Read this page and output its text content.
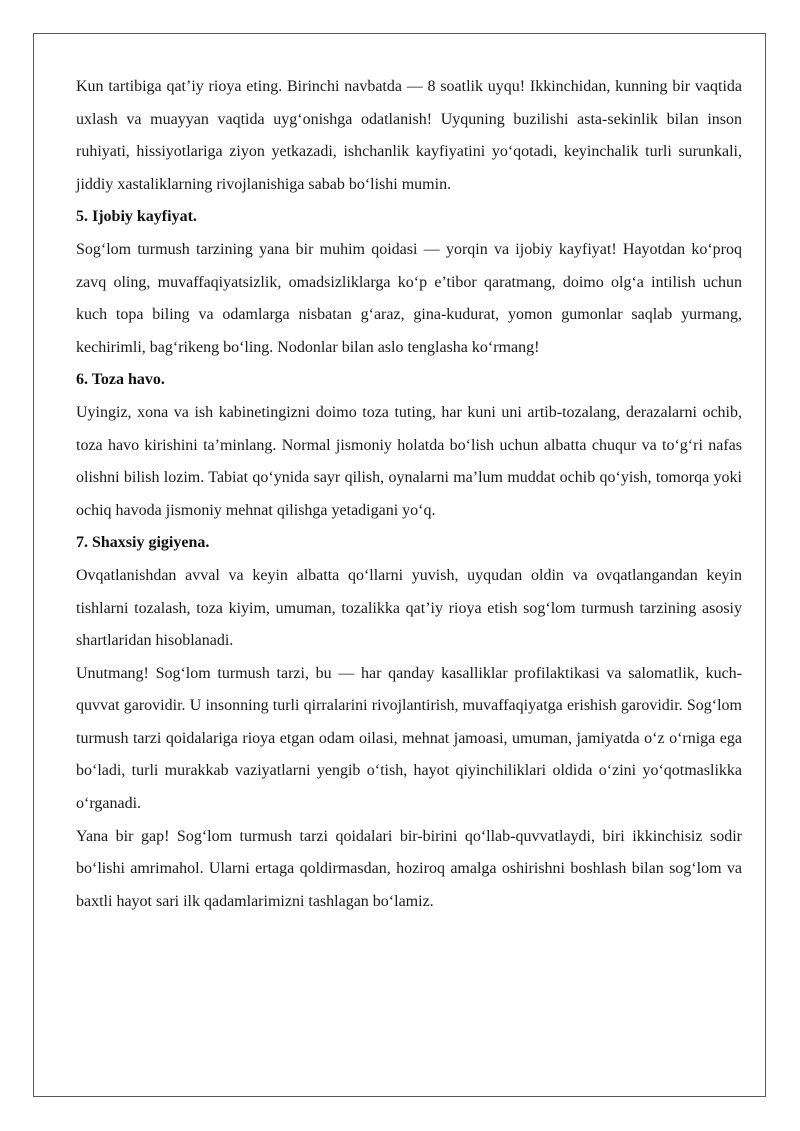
Kun tartibiga qat’iy rioya eting. Birinchi navbatda — 8 soatlik uyqu! Ikkinchidan, kunning bir vaqtida uxlash va muayyan vaqtida uyg‘onishga odatlanish! Uyquning buzilishi asta-sekinlik bilan inson ruhiyati, hissiyotlariga ziyon yetkazadi, ishchanlik kayfiyatini yo‘qotadi, keyinchalik turli surunkali, jiddiy xastaliklarning rivojlanishiga sabab bo‘lishi mumin.

5. Ijobiy kayfiyat.

Sog‘lom turmush tarzining yana bir muhim qoidasi — yorqin va ijobiy kayfiyat! Hayotdan ko‘proq zavq oling, muvaffaqiyatsizlik, omadsizliklarga ko‘p e’tibor qaratmang, doimo olg‘a intilish uchun kuch topa biling va odamlarga nisbatan g‘araz, gina-kudurat, yomon gumonlar saqlab yurmang, kechirimli, bag‘rikeng bo‘ling. Nodonlar bilan aslo tenglasha ko‘rmang!

6. Toza havo.

Uyingiz, xona va ish kabinetingizni doimo toza tuting, har kuni uni artib-tozalang, derazalarni ochib, toza havo kirishini ta’minlang. Normal jismoniy holatda bo‘lish uchun albatta chuqur va to‘g‘ri nafas olishni bilish lozim. Tabiat qo‘ynida sayr qilish, oynalarni ma’lum muddat ochib qo‘yish, tomorqa yoki ochiq havoda jismoniy mehnat qilishga yetadigani yo‘q.

7. Shaxsiy gigiyena.

Ovqatlanishdan avval va keyin albatta qo‘llarni yuvish, uyqudan oldin va ovqatlangandan keyin tishlarni tozalash, toza kiyim, umuman, tozalikka qat’iy rioya etish sog‘lom turmush tarzining asosiy shartlaridan hisoblanadi.

Unutmang! Sog‘lom turmush tarzi, bu — har qanday kasalliklar profilaktikasi va salomatlik, kuch-quvvat garovidir. U insonning turli qirralarini rivojlantirish, muvaffaqiyatga erishish garovidir. Sog‘lom turmush tarzi qoidalariga rioya etgan odam oilasi, mehnat jamoasi, umuman, jamiyatda o‘z o‘rniga ega bo‘ladi, turli murakkab vaziyatlarni yengib o‘tish, hayot qiyinchiliklari oldida o‘zini yo‘qotmaslikka o‘rganadi.

Yana bir gap! Sog‘lom turmush tarzi qoidalari bir-birini qo‘llab-quvvatlaydi, biri ikkinchisiz sodir bo‘lishi amrimahol. Ularni ertaga qoldirmasdan, hoziroq amalga oshirishni boshlash bilan sog‘lom va baxtli hayot sari ilk qadamlarimizni tashlagan bo‘lamiz.
